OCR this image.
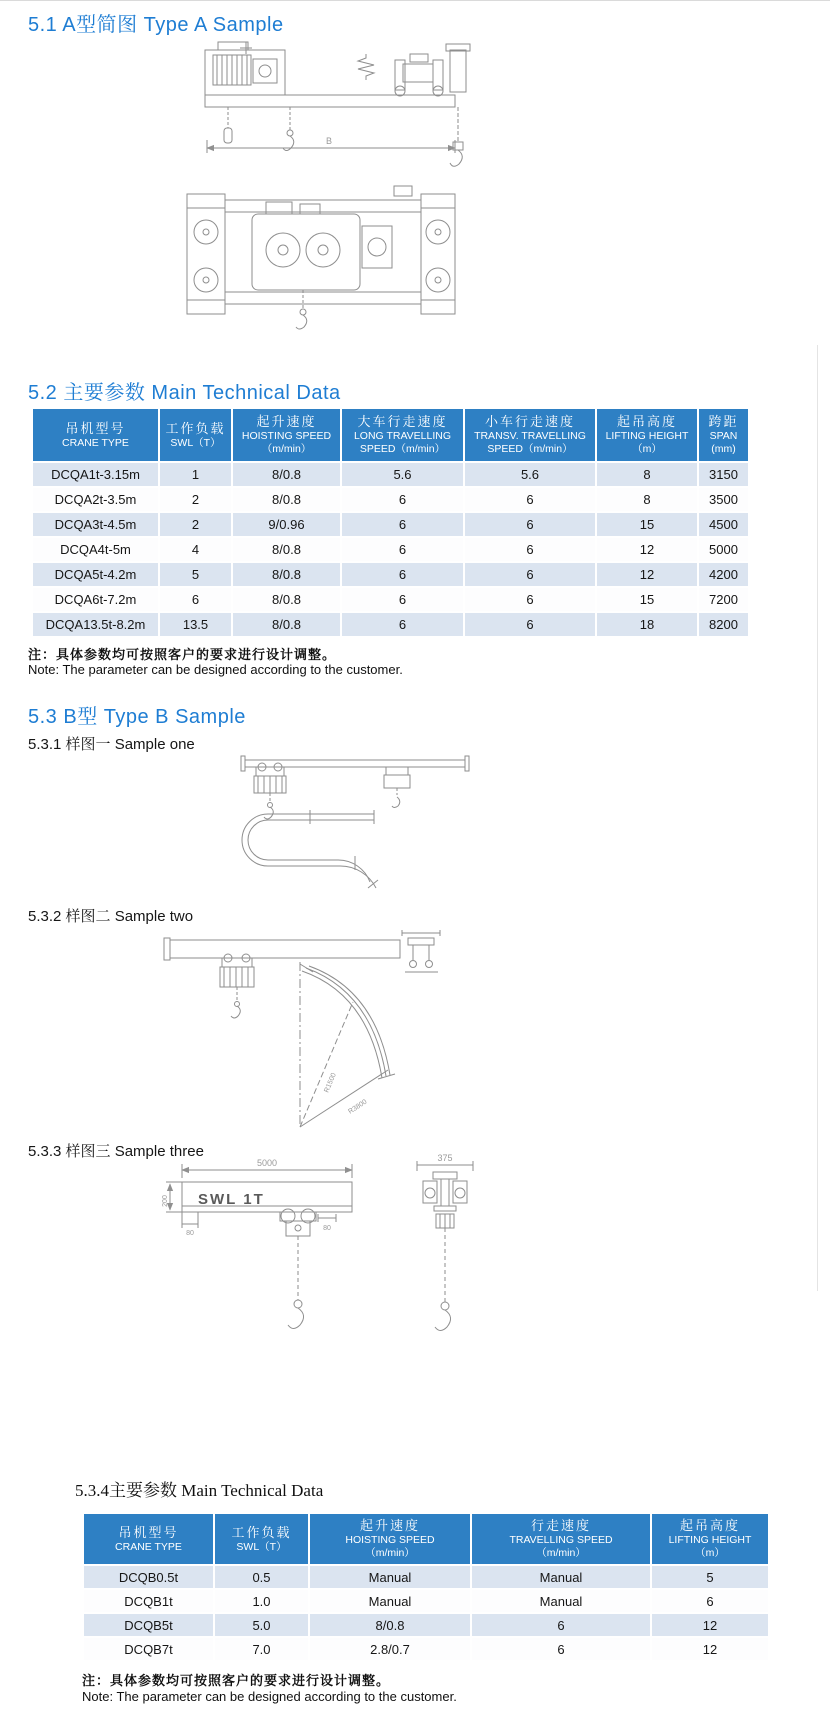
5.1 A型简图 Type A Sample
5.2 主要参数 Main Technical Data
5.3 B型 Type B Sample
5.3.1 样图一 Sample one
5.3.2 样图二 Sample two
5.3.3 样图三 Sample three
5.3.4主要参数 Main Technical Data
B
吊机型号
CRANE TYPE	工作负载
SWL（T）	起升速度
HOISTING SPEED
（m/min）	大车行走速度
LONG TRAVELLING
SPEED（m/min）	小车行走速度
TRANSV. TRAVELLING
SPEED（m/min）	起吊高度
LIFTING HEIGHT
（m）	跨距
SPAN
(mm)

DCQA1t-3.15m	1	8/0.8	5.6	5.6	8	3150
DCQA2t-3.5m	2	8/0.8	6	6	8	3500
DCQA3t-4.5m	2	9/0.96	6	6	15	4500
DCQA4t-5m	4	8/0.8	6	6	12	5000
DCQA5t-4.2m	5	8/0.8	6	6	12	4200
DCQA6t-7.2m	6	8/0.8	6	6	15	7200
DCQA13.5t-8.2m	13.5	8/0.8	6	6	18	8200
注：具体参数均可按照客户的要求进行设计调整。
Note: The parameter can be designed according to the customer.
R1500
R3800
5000
200
80
80
375
SWL 1T
吊机型号
CRANE TYPE	工作负载
SWL（T）	起升速度
HOISTING SPEED
（m/min）	行走速度
TRAVELLING SPEED
（m/min）	起吊高度
LIFTING HEIGHT
（m）

DCQB0.5t	0.5	Manual	Manual	5
DCQB1t	1.0	Manual	Manual	6
DCQB5t	5.0	8/0.8	6	12
DCQB7t	7.0	2.8/0.7	6	12
注：具体参数均可按照客户的要求进行设计调整。
Note: The parameter can be designed according to the customer.
